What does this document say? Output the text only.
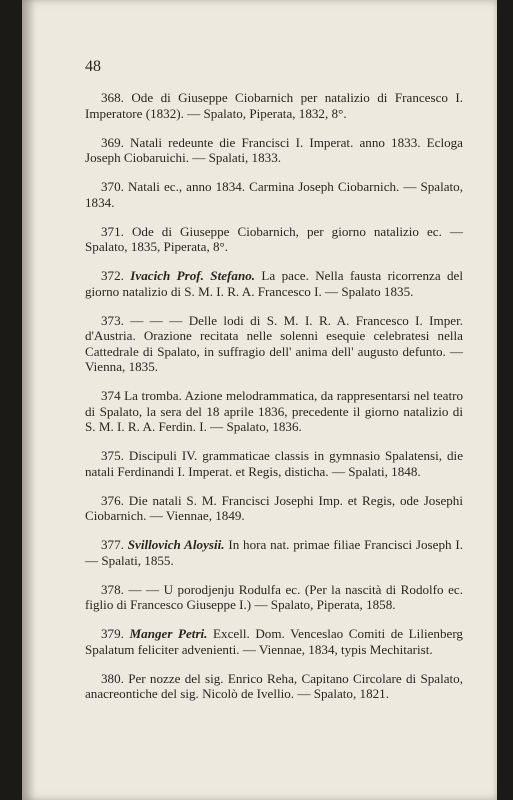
48

368. Ode di Giuseppe Ciobarnich per natalizio di Francesco I. Imperatore (1832). — Spalato, Piperata, 1832, 8°.

369. Natali redeunte die Francisci I. Imperat. anno 1833. Ecloga Joseph Ciobaruichi. — Spalati, 1833.

370. Natali ec., anno 1834. Carmina Joseph Ciobarnich. — Spalato, 1834.

371. Ode di Giuseppe Ciobarnich, per giorno natalizio ec. — Spalato, 1835, Piperata, 8°.

372. Ivacich Prof. Stefano. La pace. Nella fausta ricorrenza del giorno natalizio di S. M. I. R. A. Francesco I. — Spalato 1835.

373. — — — Delle lodi di S. M. I. R. A. Francesco I. Imper. d'Austria. Orazione recitata nelle solenni esequie celebratesi nella Cattedrale di Spalato, in suffragio dell' anima dell' augusto defunto. — Vienna, 1835.

374 La tromba. Azione melodrammatica, da rappresentarsi nel teatro di Spalato, la sera del 18 aprile 1836, precedente il giorno natalizio di S. M. I. R. A. Ferdin. I. — Spalato, 1836.

375. Discipuli IV. grammaticae classis in gymnasio Spalatensi, die natali Ferdinandi I. Imperat. et Regis, disticha. — Spalati, 1848.

376. Die natali S. M. Francisci Josephi Imp. et Regis, ode Josephi Ciobarnich. — Viennae, 1849.

377. Svillovich Aloysii. In hora nat. primae filiae Francisci Joseph I. — Spalati, 1855.

378. — — U porodjenju Rodulfa ec. (Per la nascità di Rodolfo ec. figlio di Francesco Giuseppe I.) — Spalato, Piperata, 1858.

379. Manger Petri. Excell. Dom. Venceslao Comiti de Lilienberg Spalatum feliciter advenienti. — Viennae, 1834, typis Mechitarist.

380. Per nozze del sig. Enrico Reha, Capitano Circolare di Spalato, anacreontiche del sig. Nicolò de Ivellio. — Spalato, 1821.
